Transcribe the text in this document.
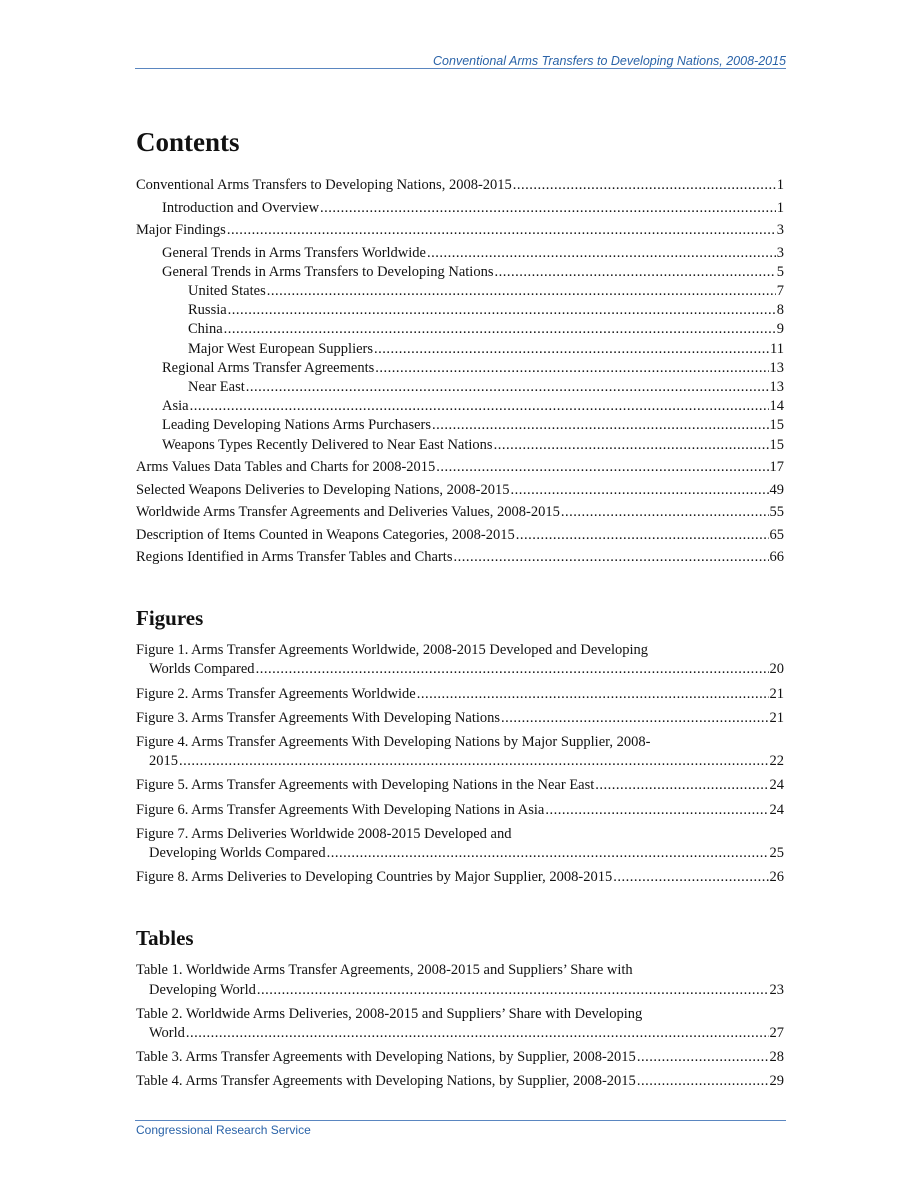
Conventional Arms Transfers to Developing Nations, 2008-2015
Contents
Conventional Arms Transfers to Developing Nations, 2008-2015 .....	1
Introduction and Overview .....	1
Major Findings .....	3
General Trends in Arms Transfers Worldwide .....	3
General Trends in Arms Transfers to Developing Nations .....	5
United States .....	7
Russia .....	8
China .....	9
Major West European Suppliers .....	11
Regional Arms Transfer Agreements .....	13
Near East .....	13
Asia .....	14
Leading Developing Nations Arms Purchasers .....	15
Weapons Types Recently Delivered to Near East Nations .....	15
Arms Values Data Tables and Charts for 2008-2015 .....	17
Selected Weapons Deliveries to Developing Nations, 2008-2015 .....	49
Worldwide Arms Transfer Agreements and Deliveries Values, 2008-2015 .....	55
Description of Items Counted in Weapons Categories, 2008-2015 .....	65
Regions Identified in Arms Transfer Tables and Charts .....	66
Figures
Figure 1. Arms Transfer Agreements Worldwide, 2008-2015 Developed and Developing
Worlds Compared .....	20
Figure 2. Arms Transfer Agreements Worldwide .....	21
Figure 3. Arms Transfer Agreements With Developing Nations .....	21
Figure 4. Arms Transfer Agreements With Developing Nations by Major Supplier, 2008-
2015 .....	22
Figure 5. Arms Transfer Agreements with Developing Nations in the Near East .....	24
Figure 6. Arms Transfer Agreements With Developing Nations in Asia .....	24
Figure 7. Arms Deliveries Worldwide 2008-2015 Developed and
Developing Worlds Compared .....	25
Figure 8. Arms Deliveries to Developing Countries by Major Supplier, 2008-2015 .....	26
Tables
Table 1. Worldwide Arms Transfer Agreements, 2008-2015 and Suppliers’ Share with
Developing World .....	23
Table 2. Worldwide Arms Deliveries, 2008-2015 and Suppliers’ Share with Developing
World .....	27
Table 3. Arms Transfer Agreements with Developing Nations, by Supplier, 2008-2015 .....	28
Table 4. Arms Transfer Agreements with Developing Nations, by Supplier, 2008-2015 .....	29
Congressional Research Service
